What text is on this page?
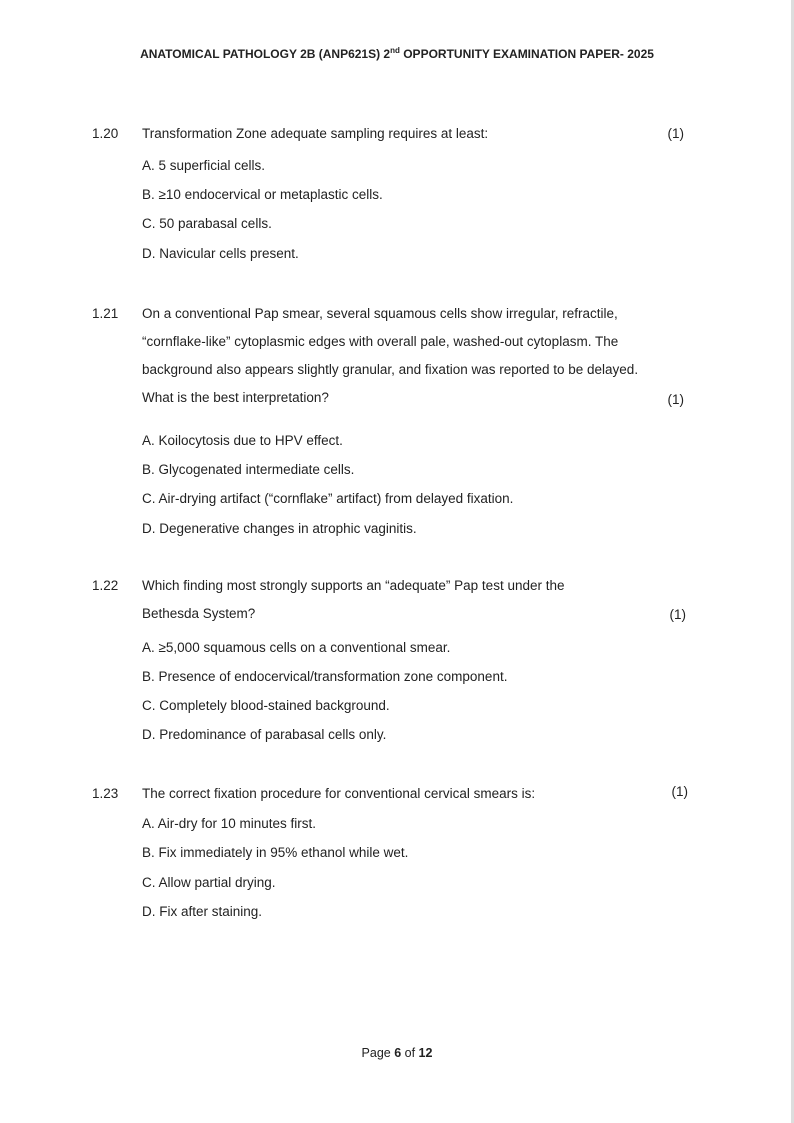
ANATOMICAL PATHOLOGY 2B (ANP621S) 2nd OPPORTUNITY EXAMINATION PAPER- 2025
1.20 Transformation Zone adequate sampling requires at least:	(1)
A. 5 superficial cells.
B. ≥10 endocervical or metaplastic cells.
C. 50 parabasal cells.
D. Navicular cells present.
1.21 On a conventional Pap smear, several squamous cells show irregular, refractile, “cornflake-like” cytoplasmic edges with overall pale, washed-out cytoplasm. The background also appears slightly granular, and fixation was reported to be delayed. What is the best interpretation?	(1)
A. Koilocytosis due to HPV effect.
B. Glycogenated intermediate cells.
C. Air-drying artifact (“cornflake” artifact) from delayed fixation.
D. Degenerative changes in atrophic vaginitis.
1.22 Which finding most strongly supports an “adequate” Pap test under the Bethesda System?	(1)
A. ≥5,000 squamous cells on a conventional smear.
B. Presence of endocervical/transformation zone component.
C. Completely blood-stained background.
D. Predominance of parabasal cells only.
1.23 The correct fixation procedure for conventional cervical smears is:	(1)
A. Air-dry for 10 minutes first.
B. Fix immediately in 95% ethanol while wet.
C. Allow partial drying.
D. Fix after staining.
Page 6 of 12
